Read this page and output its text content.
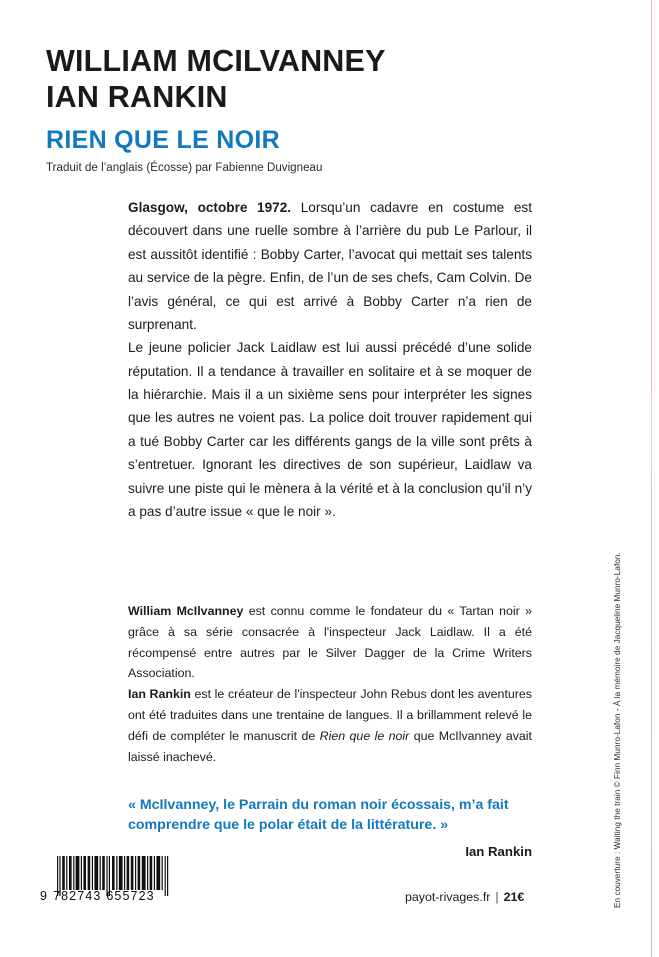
WILLIAM MCILVANNEY
IAN RANKIN
RIEN QUE LE NOIR
Traduit de l’anglais (Écosse) par Fabienne Duvigneau

Glasgow, octobre 1972. Lorsqu’un cadavre en costume est découvert dans une ruelle sombre à l’arrière du pub Le Parlour, il est aussitôt identifié : Bobby Carter, l’avocat qui mettait ses talents au service de la pègre. Enfin, de l’un de ses chefs, Cam Colvin. De l’avis général, ce qui est arrivé à Bobby Carter n’a rien de surprenant.

Le jeune policier Jack Laidlaw est lui aussi précédé d’une solide réputation. Il a tendance à travailler en solitaire et à se moquer de la hiérarchie. Mais il a un sixième sens pour interpréter les signes que les autres ne voient pas. La police doit trouver rapidement qui a tué Bobby Carter car les différents gangs de la ville sont prêts à s’entretuer. Ignorant les directives de son supérieur, Laidlaw va suivre une piste qui le mènera à la vérité et à la conclusion qu’il n’y a pas d’autre issue « que le noir ».

William McIlvanney est connu comme le fondateur du « Tartan noir » grâce à sa série consacrée à l'inspecteur Jack Laidlaw. Il a été récompensé entre autres par le Silver Dagger de la Crime Writers Association.

Ian Rankin est le créateur de l'inspecteur John Rebus dont les aventures ont été traduites dans une trentaine de langues. Il a brillamment relevé le défi de compléter le manuscrit de Rien que le noir que McIlvanney avait laissé inachevé.

« McIlvanney, le Parrain du roman noir écossais, m’a fait comprendre que le polar était de la littérature. »

Ian Rankin

9 782743 655723	payot-rivages.fr | 21€	En couverture : Waiting the train © Finn Munro-Lafon - À la mémoire de Jacqueline Munro-Lafon.
